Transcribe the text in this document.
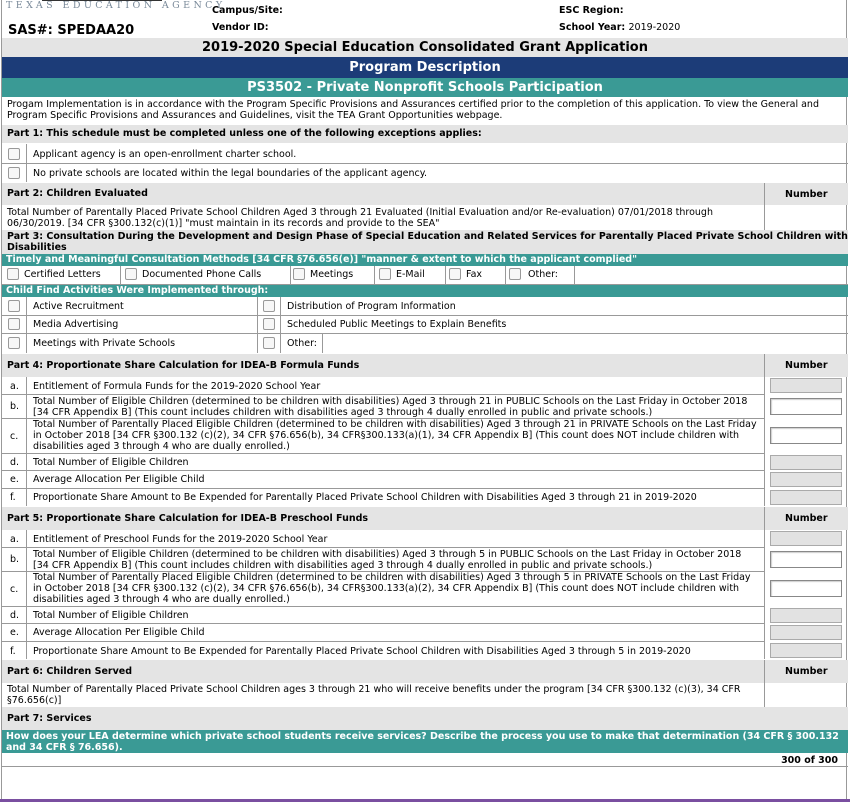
TEXAS EDUCATION AGENCY
SAS#: SPEDAA20
Campus/Site:
Vendor ID:
ESC Region:
School Year: 2019-2020
2019-2020 Special Education Consolidated Grant Application
Program Description
PS3502 - Private Nonprofit Schools Participation
Progam Implementation is in accordance with the Program Specific Provisions and Assurances certified prior to the completion of this application. To view the General and Program Specific Provisions and Assurances and Guidelines, visit the TEA Grant Opportunities webpage.
Part 1: This schedule must be completed unless one of the following exceptions applies:
Applicant agency is an open-enrollment charter school.
No private schools are located within the legal boundaries of the applicant agency.
Part 2: Children Evaluated	Number
Total Number of Parentally Placed Private School Children Aged 3 through 21 Evaluated (Initial Evaluation and/or Re-evaluation) 07/01/2018 through 06/30/2019. [34 CFR §300.132(c)(1)] "must maintain in its records and provide to the SEA"
Part 3: Consultation During the Development and Design Phase of Special Education and Related Services for Parentally Placed Private School Children with Disabilities
Timely and Meaningful Consultation Methods [34 CFR §76.656(e)] "manner & extent to which the applicant complied"
Certified Letters	Documented Phone Calls	Meetings	E-Mail	Fax	Other:
Child Find Activities Were Implemented through:
Active Recruitment
Media Advertising
Meetings with Private Schools
Distribution of Program Information
Scheduled Public Meetings to Explain Benefits
Other:
Part 4: Proportionate Share Calculation for IDEA-B Formula Funds	Number
a. Entitlement of Formula Funds for the 2019-2020 School Year
b. Total Number of Eligible Children (determined to be children with disabilities) Aged 3 through 21 in PUBLIC Schools on the Last Friday in October 2018 [34 CFR Appendix B] (This count includes children with disabilities aged 3 through 4 dually enrolled in public and private schools.)
c.
Total Number of Parentally Placed Eligible Children (determined to be children with disabilities) Aged 3 through 21 in PRIVATE Schools on the Last Friday in October 2018 [34 CFR §300.132 (c)(2), 34 CFR §76.656(b), 34 CFR§300.133(a)(1), 34 CFR Appendix B] (This count does NOT include children with disabilities aged 3 through 4 who are dually enrolled.)
d. Total Number of Eligible Children
e. Average Allocation Per Eligible Child
f. Proportionate Share Amount to Be Expended for Parentally Placed Private School Children with Disabilities Aged 3 through 21 in 2019-2020
Part 5: Proportionate Share Calculation for IDEA-B Preschool Funds	Number
a. Entitlement of Preschool Funds for the 2019-2020 School Year
b. Total Number of Eligible Children (determined to be children with disabilities) Aged 3 through 5 in PUBLIC Schools on the Last Friday in October 2018 [34 CFR Appendix B] (This count includes children with disabilities aged 3 through 4 dually enrolled in public and private schools.)
c.
Total Number of Parentally Placed Eligible Children (determined to be children with disabilities) Aged 3 through 5 in PRIVATE Schools on the Last Friday in October 2018 [34 CFR §300.132 (c)(2), 34 CFR §76.656(b), 34 CFR§300.133(a)(2), 34 CFR Appendix B] (This count does NOT include children with disabilities aged 3 through 4 who are dually enrolled.)
d. Total Number of Eligible Children
e. Average Allocation Per Eligible Child
f. Proportionate Share Amount to Be Expended for Parentally Placed Private School Children with Disabilities Aged 3 through 5 in 2019-2020
Part 6: Children Served	Number
Total Number of Parentally Placed Private School Children ages 3 through 21 who will receive benefits under the program [34 CFR §300.132 (c)(3), 34 CFR §76.656(c)]
Part 7: Services
How does your LEA determine which private school students receive services? Describe the process you use to make that determination (34 CFR § 300.132 and 34 CFR § 76.656).
300 of 300
